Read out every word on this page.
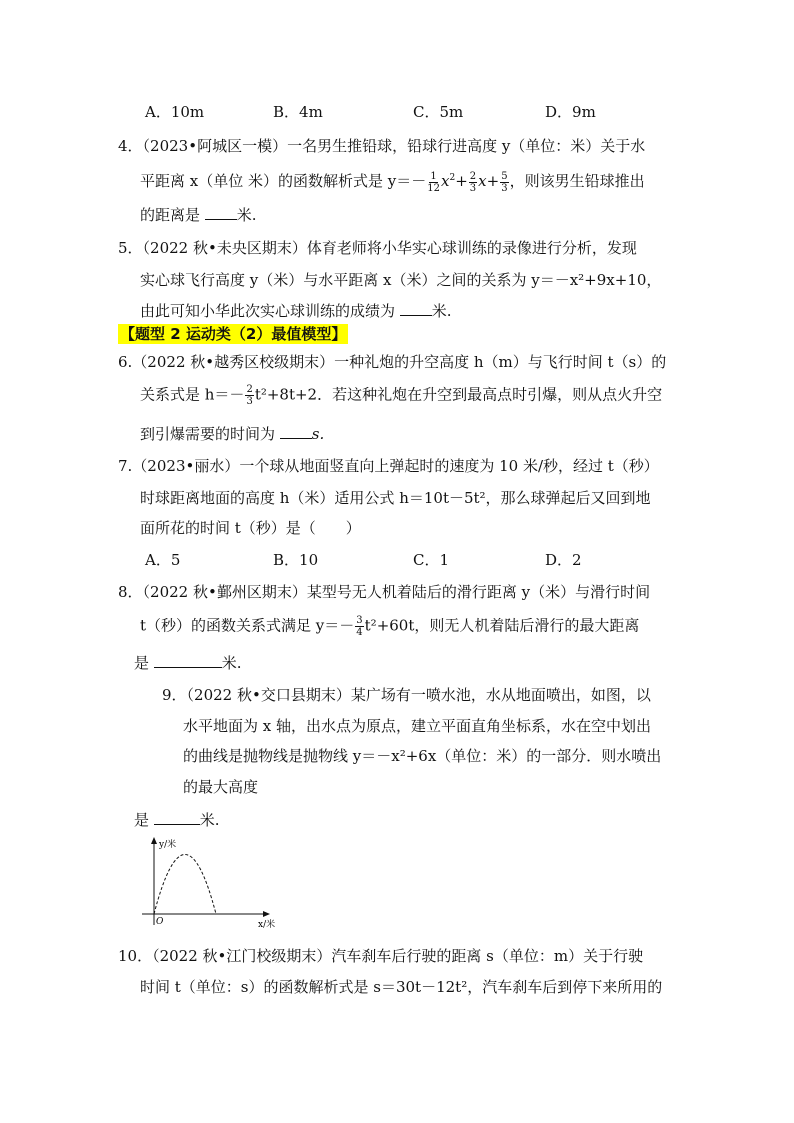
A．10m	B．4m	C．5m	D．9m
4．（2023•阿城区一模）一名男生推铅球，铅球行进高度 y（单位：米）关于水
平距离 x（单位 米）的函数解析式是 $y=- \frac{1}{12} x^2+ \frac{2}{3} x+ \frac{5}{3}$ ，则该男生铅球推出
的距离是 米.
5．（2022 秋•未央区期末）体育老师将小华实心球训练的录像进行分析，发现
实心球飞行高度 y（米）与水平距离 x（米）之间的关系为 y＝－x²+9x+10，
由此可知小华此次实心球训练的成绩为 米.
【题型 2 运动类（2）最值模型】
6.（2022 秋•越秀区校级期末）一种礼炮的升空高度 h（m）与飞行时间 t（s）的
关系式是 $h=- \frac{2}{3} t^2+8t+2$．若这种礼炮在升空到最高点时引爆，则从点火升空
到引爆需要的时间为 s.
7.（2023•丽水）一个球从地面竖直向上弹起时的速度为 10 米/秒，经过 t（秒）
时球距离地面的高度 h（米）适用公式 h＝10t－5t²，那么球弹起后又回到地
面所花的时间 t（秒）是（　　）
A．5	B．10	C．1	D．2
8．（2022 秋•鄞州区期末）某型号无人机着陆后的滑行距离 y（米）与滑行时间
t（秒）的函数关系式满足 $y=- \frac{3}{4} t^2+60t$，则无人机着陆后滑行的最大距离
是	米.
9．（2022 秋•交口县期末）某广场有一喷水池，水从地面喷出，如图，以
水平地面为 x 轴，出水点为原点，建立平面直角坐标系，水在空中划出
的曲线是抛物线是抛物线 y＝－x²+6x（单位：米）的一部分．则水喷出
的最大高度
是	米.
y/米
x/米
O
10．（2022 秋•江门校级期末）汽车刹车后行驶的距离 s（单位：m）关于行驶
时间 t（单位：s）的函数解析式是 s＝30t－12t²，汽车刹车后到停下来所用的
